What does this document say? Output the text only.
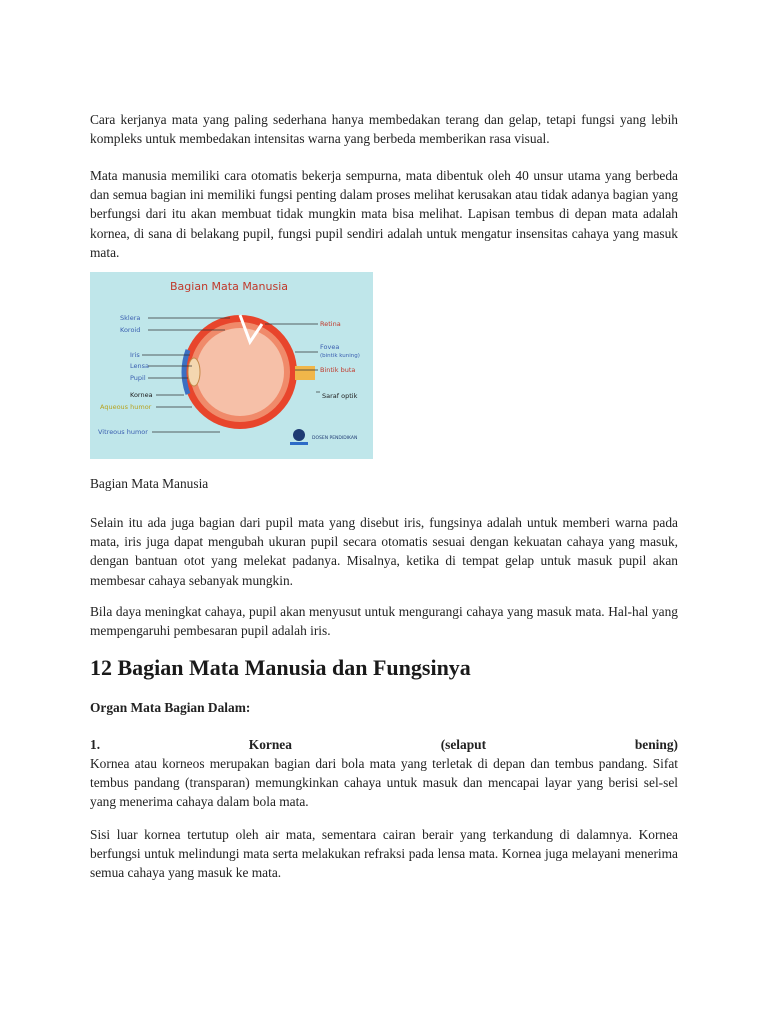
Cara kerjanya mata yang paling sederhana hanya membedakan terang dan gelap, tetapi fungsi yang lebih kompleks untuk membedakan intensitas warna yang berbeda memberikan rasa visual.

Mata manusia memiliki cara otomatis bekerja sempurna, mata dibentuk oleh 40 unsur utama yang berbeda dan semua bagian ini memiliki fungsi penting dalam proses melihat kerusakan atau tidak adanya bagian yang berfungsi dari itu akan membuat tidak mungkin mata bisa melihat. Lapisan tembus di depan mata adalah kornea, di sana di belakang pupil, fungsi pupil sendiri adalah untuk mengatur insensitas cahaya yang masuk mata.

Bagian Mata Manusia
Sklera
Koroid
Iris
Lensa
Pupil
Kornea
Aqueous humor
Vitreous humor
Retina
Fovea
(bintik kuning)
Bintik buta
Saraf optik
DOSEN PENDIDIKAN

Bagian Mata Manusia

Selain itu ada juga bagian dari pupil mata yang disebut iris, fungsinya adalah untuk memberi warna pada mata, iris juga dapat mengubah ukuran pupil secara otomatis sesuai dengan kekuatan cahaya yang masuk, dengan bantuan otot yang melekat padanya. Misalnya, ketika di tempat gelap untuk masuk pupil akan membesar cahaya sebanyak mungkin.

Bila daya meningkat cahaya, pupil akan menyusut untuk mengurangi cahaya yang masuk mata. Hal-hal yang mempengaruhi pembesaran pupil adalah iris.

12 Bagian Mata Manusia dan Fungsinya

Organ Mata Bagian Dalam:

1.	Kornea	(selaput	bening)

Kornea atau korneos merupakan bagian dari bola mata yang terletak di depan dan tembus pandang. Sifat tembus pandang (transparan) memungkinkan cahaya untuk masuk dan mencapai layar yang berisi sel-sel yang menerima cahaya dalam bola mata.

Sisi luar kornea tertutup oleh air mata, sementara cairan berair yang terkandung di dalamnya. Kornea berfungsi untuk melindungi mata serta melakukan refraksi pada lensa mata. Kornea juga melayani menerima semua cahaya yang masuk ke mata.
